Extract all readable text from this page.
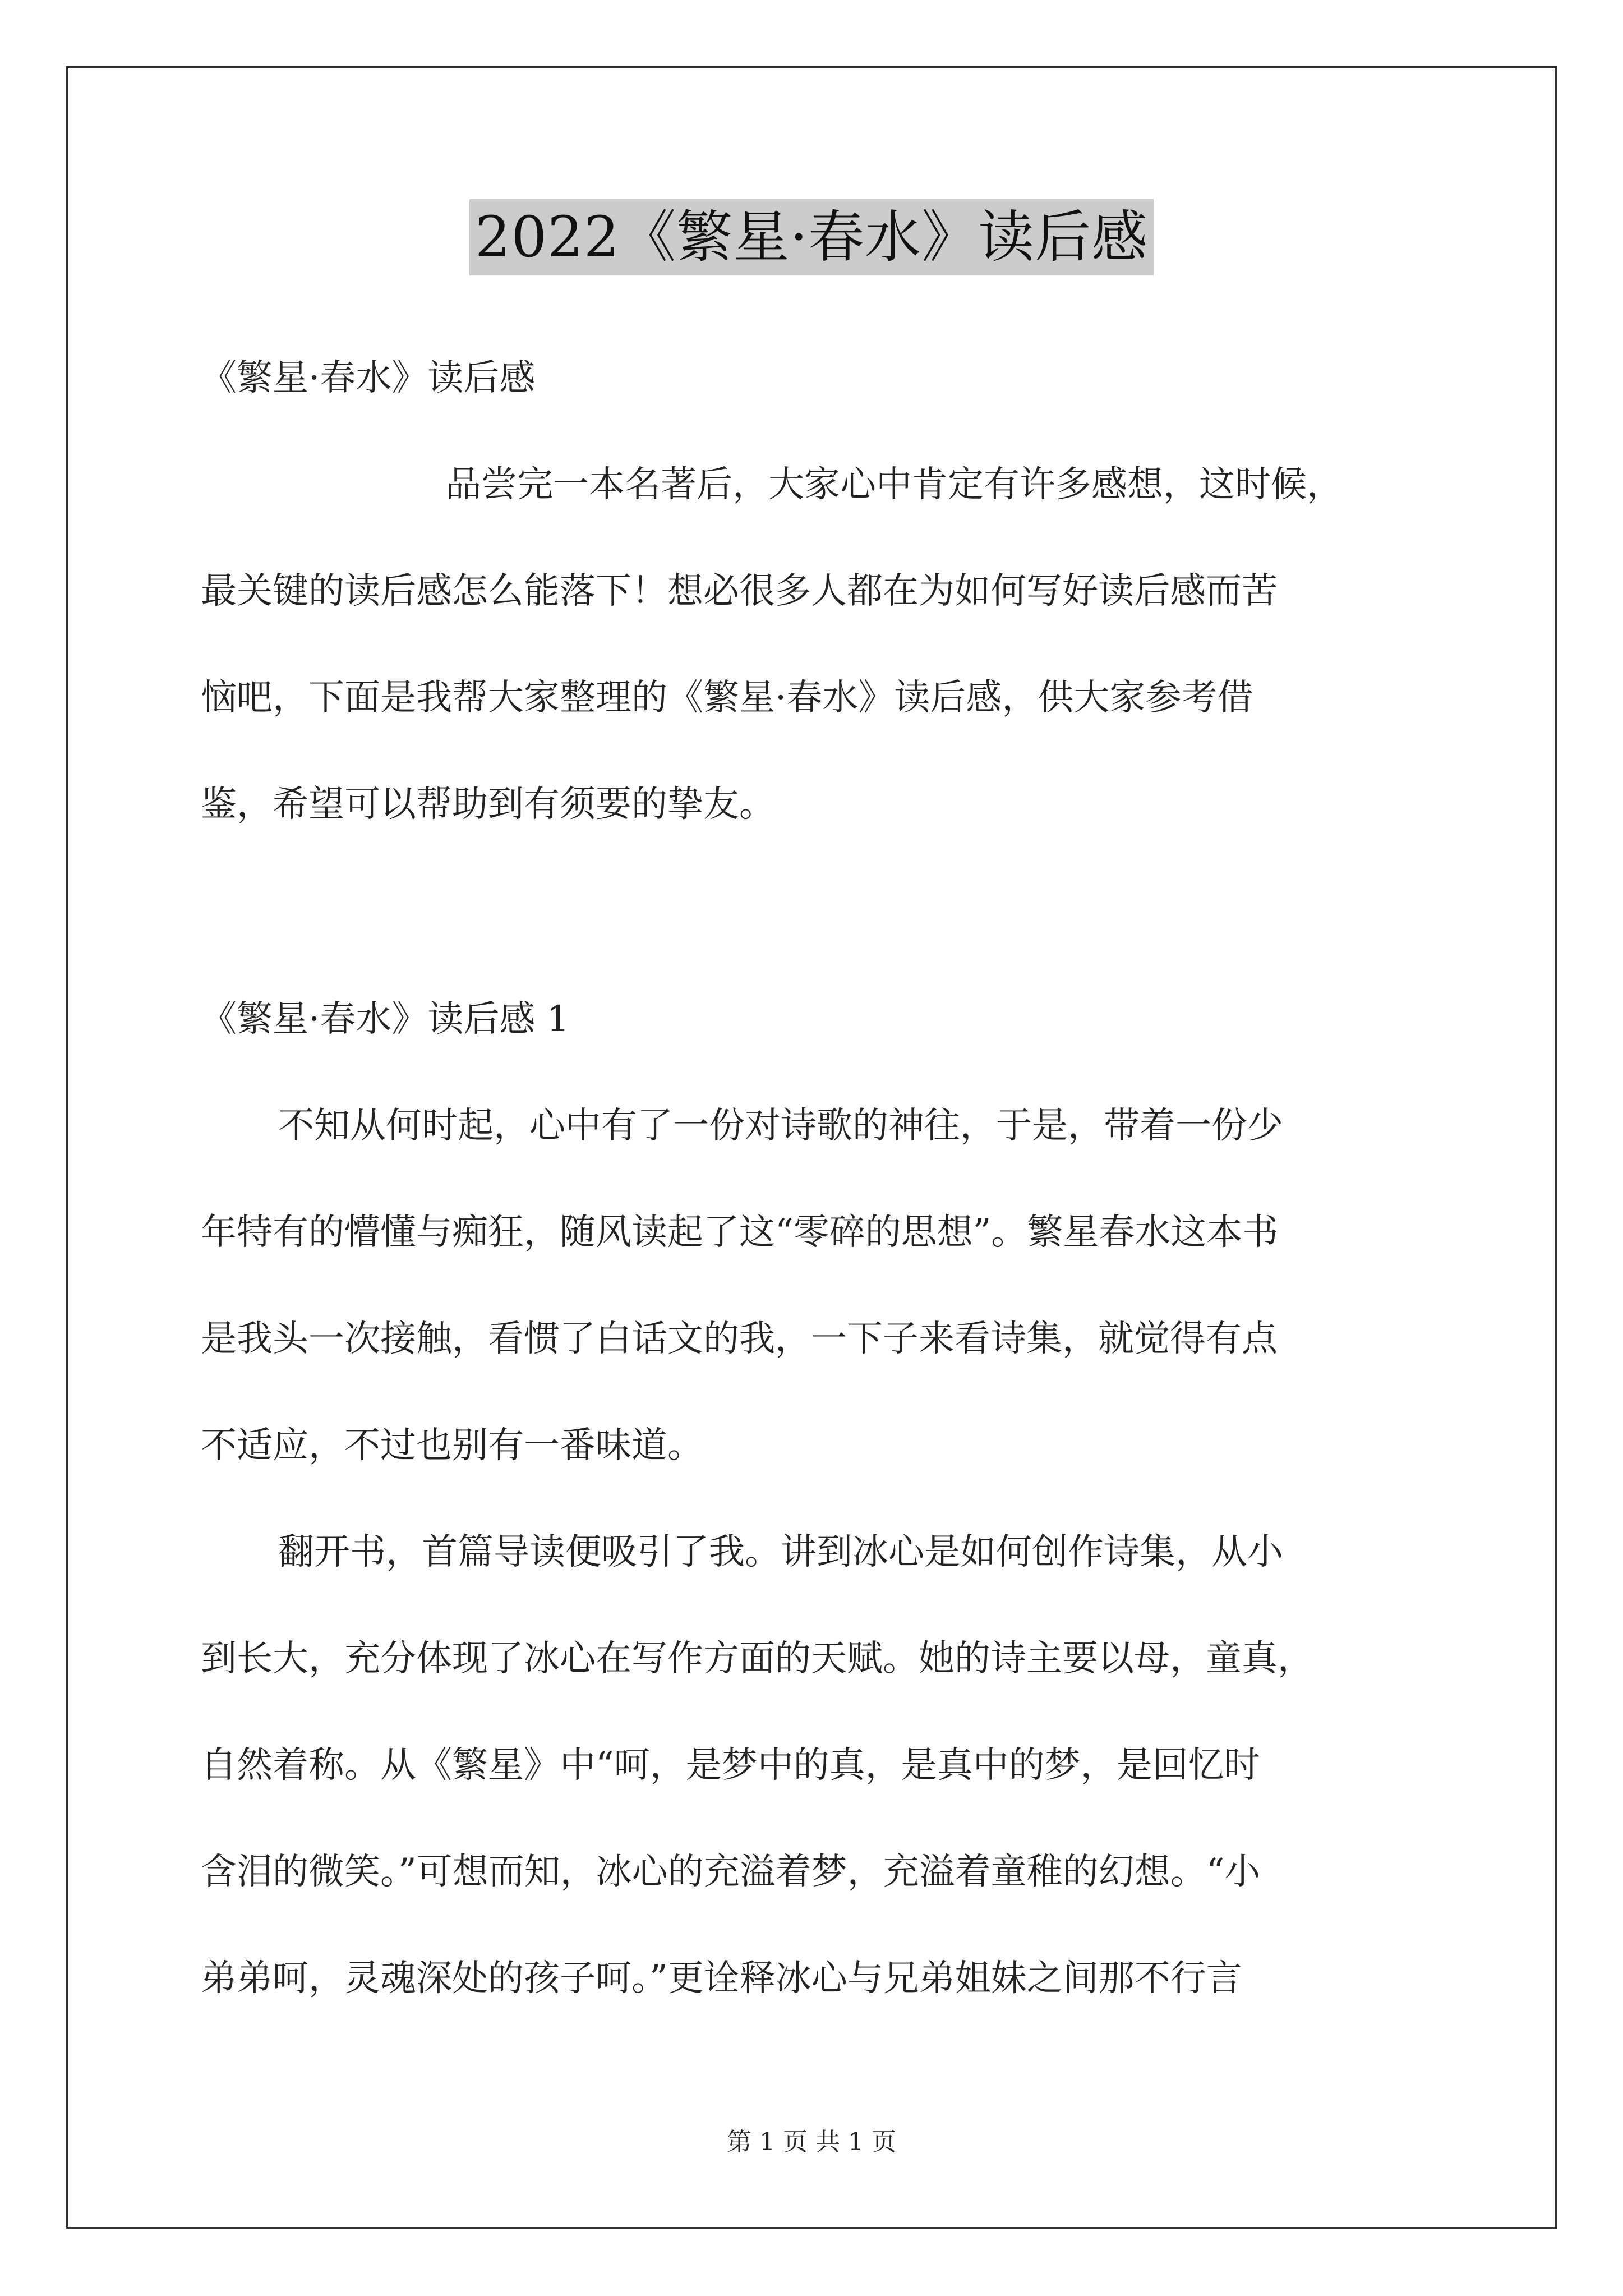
2022《繁星·春水》读后感
《繁星·春水》读后感
品尝完一本名著后，大家心中肯定有许多感想，这时候，
最关键的读后感怎么能落下！想必很多人都在为如何写好读后感而苦
恼吧，下面是我帮大家整理的《繁星·春水》读后感，供大家参考借
鉴，希望可以帮助到有须要的挚友。
《繁星·春水》读后感 1
不知从何时起，心中有了一份对诗歌的神往，于是，带着一份少
年特有的懵懂与痴狂，随风读起了这“零碎的思想”。繁星春水这本书
是我头一次接触，看惯了白话文的我，一下子来看诗集，就觉得有点
不适应，不过也别有一番味道。
翻开书，首篇导读便吸引了我。讲到冰心是如何创作诗集，从小
到长大，充分体现了冰心在写作方面的天赋。她的诗主要以母，童真，
自然着称。从《繁星》中“呵，是梦中的真，是真中的梦，是回忆时
含泪的微笑。”可想而知，冰心的充溢着梦，充溢着童稚的幻想。“小
弟弟呵，灵魂深处的孩子呵。”更诠释冰心与兄弟姐妹之间那不行言
第 1 页 共 1 页
